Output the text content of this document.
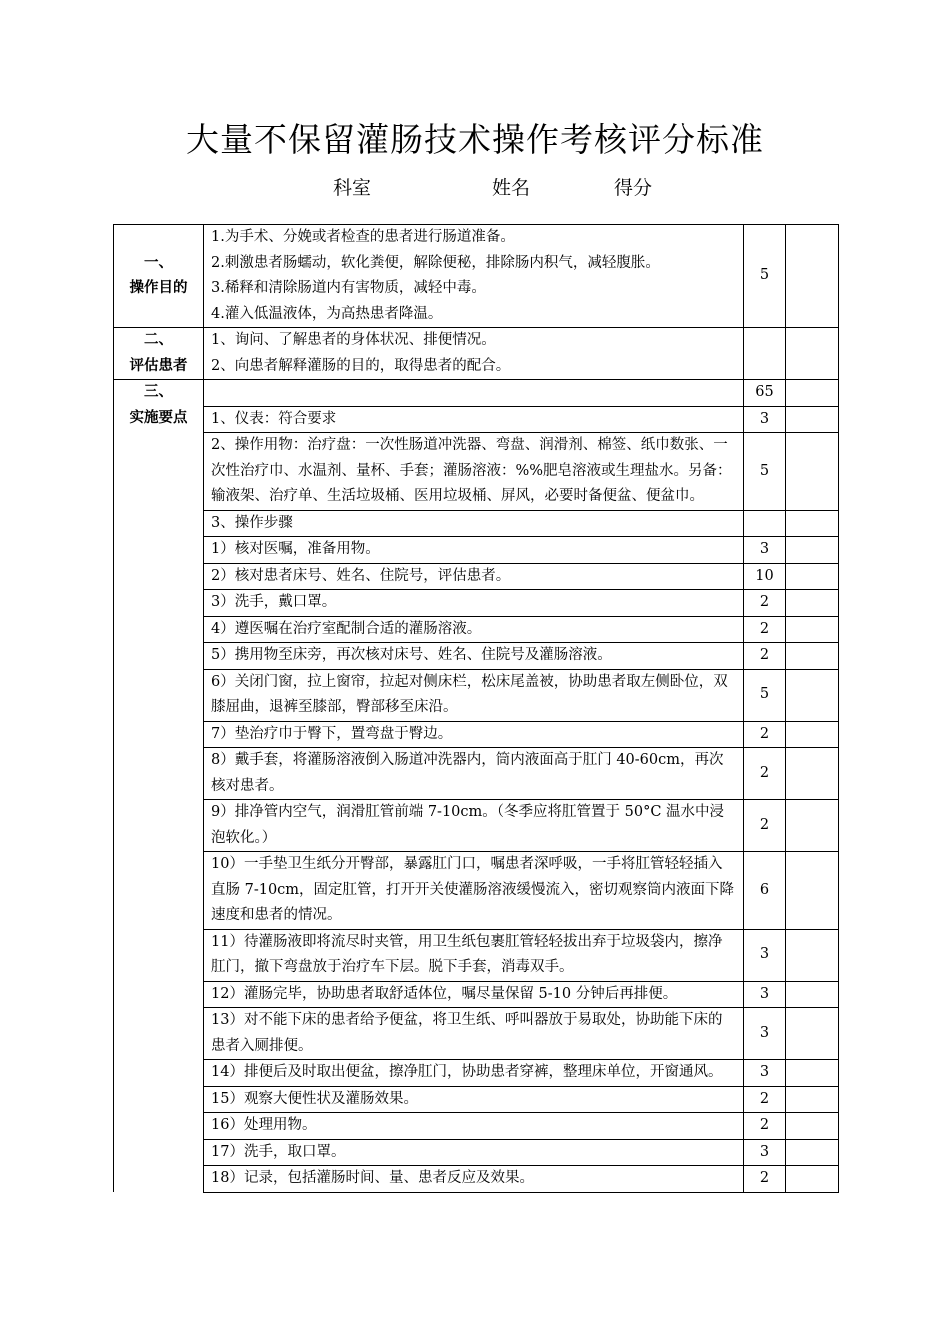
大量不保留灌肠技术操作考核评分标准
科室	姓名	得分
一、
操作目的	1.为手术、分娩或者检查的患者进行肠道准备。
2.刺激患者肠蠕动，软化粪便，解除便秘，排除肠内积气，减轻腹胀。
3.稀释和清除肠道内有害物质，减轻中毒。
4.灌入低温液体，为高热患者降温。	5	

二、
评估患者	1、询问、了解患者的身体状况、排便情况。
2、向患者解释灌肠的目的，取得患者的配合。		

三、
实施要点		65	
	1、仪表：符合要求	3	
	2、操作用物：治疗盘：一次性肠道冲洗器、弯盘、润滑剂、棉签、纸巾数张、一次性治疗巾、水温剂、量杯、手套；灌肠溶液：%%肥皂溶液或生理盐水。另备：输液架、治疗单、生活垃圾桶、医用垃圾桶、屏风，必要时备便盆、便盆巾。	5	
	3、操作步骤		
	1）核对医嘱，准备用物。	3	
	2）核对患者床号、姓名、住院号，评估患者。	10	
	3）洗手，戴口罩。	2	
	4）遵医嘱在治疗室配制合适的灌肠溶液。	2	
	5）携用物至床旁，再次核对床号、姓名、住院号及灌肠溶液。	2	
	6）关闭门窗，拉上窗帘，拉起对侧床栏，松床尾盖被，协助患者取左侧卧位，双膝屈曲，退裤至膝部，臀部移至床沿。	5	
	7）垫治疗巾于臀下，置弯盘于臀边。	2	
	8）戴手套，将灌肠溶液倒入肠道冲洗器内，筒内液面高于肛门 40-60cm，再次核对患者。	2	
	9）排净管内空气，润滑肛管前端 7-10cm。（冬季应将肛管置于 50°C 温水中浸泡软化。）	2	
	10）一手垫卫生纸分开臀部，暴露肛门口，嘱患者深呼吸，一手将肛管轻轻插入直肠 7-10cm，固定肛管，打开开关使灌肠溶液缓慢流入，密切观察筒内液面下降速度和患者的情况。	6	
	11）待灌肠液即将流尽时夹管，用卫生纸包裹肛管轻轻拔出弃于垃圾袋内，擦净肛门，撤下弯盘放于治疗车下层。脱下手套，消毒双手。	3	
	12）灌肠完毕，协助患者取舒适体位，嘱尽量保留 5-10 分钟后再排便。	3	
	13）对不能下床的患者给予便盆，将卫生纸、呼叫器放于易取处，协助能下床的患者入厕排便。	3	
	14）排便后及时取出便盆，擦净肛门，协助患者穿裤，整理床单位，开窗通风。	3	
	15）观察大便性状及灌肠效果。	2	
	16）处理用物。	2	
	17）洗手，取口罩。	3	
	18）记录，包括灌肠时间、量、患者反应及效果。	2	
